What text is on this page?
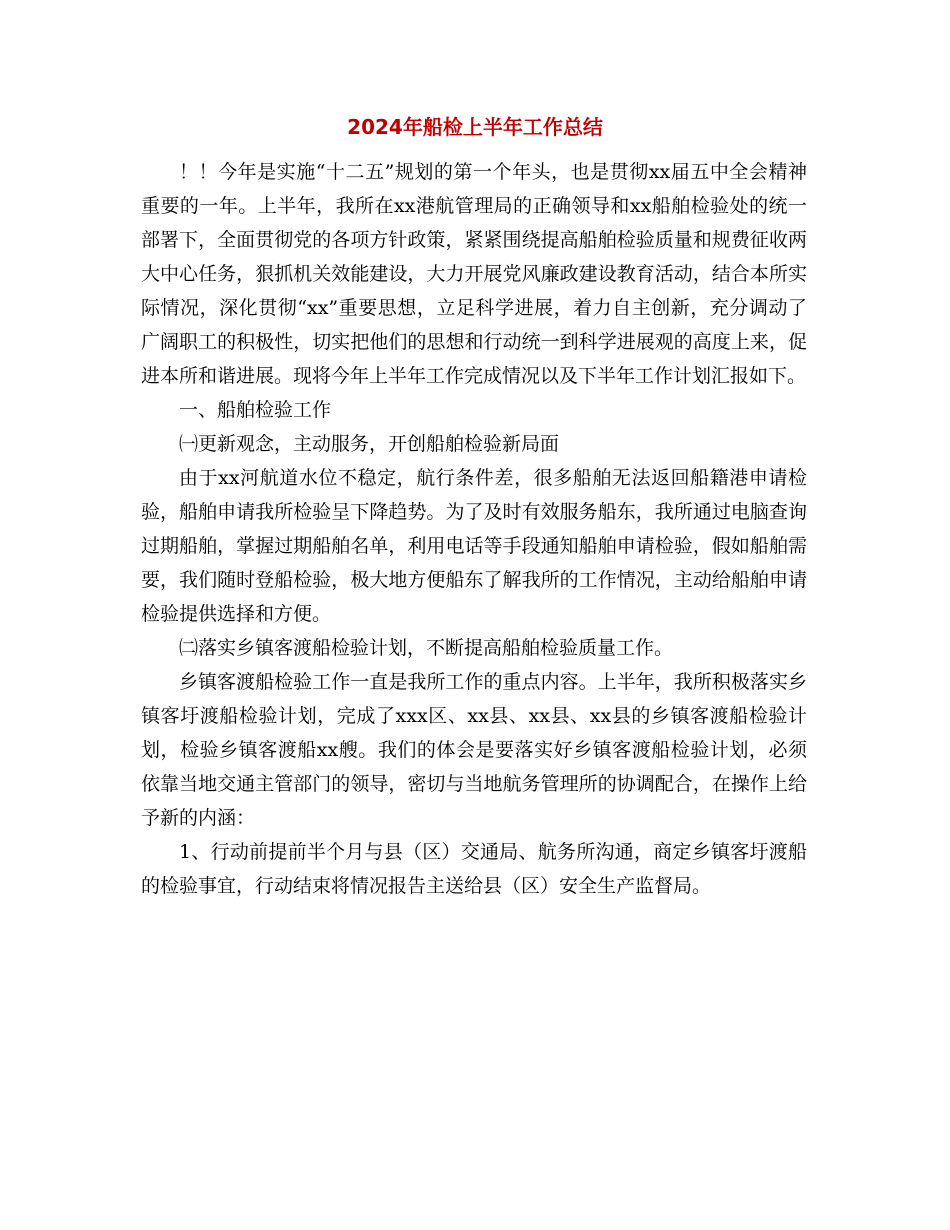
2024年船检上半年工作总结

！！今年是实施“十二五”规划的第一个年头，也是贯彻xx届五中全会精神重要的一年。上半年，我所在xx港航管理局的正确领导和xx船舶检验处的统一部署下，全面贯彻党的各项方针政策，紧紧围绕提高船舶检验质量和规费征收两大中心任务，狠抓机关效能建设，大力开展党风廉政建设教育活动，结合本所实际情况，深化贯彻“xx”重要思想，立足科学进展，着力自主创新，充分调动了广阔职工的积极性，切实把他们的思想和行动统一到科学进展观的高度上来，促进本所和谐进展。现将今年上半年工作完成情况以及下半年工作计划汇报如下。

一、船舶检验工作

㈠更新观念，主动服务，开创船舶检验新局面

由于xx河航道水位不稳定，航行条件差，很多船舶无法返回船籍港申请检验，船舶申请我所检验呈下降趋势。为了及时有效服务船东，我所通过电脑查询过期船舶，掌握过期船舶名单，利用电话等手段通知船舶申请检验，假如船舶需要，我们随时登船检验，极大地方便船东了解我所的工作情况，主动给船舶申请检验提供选择和方便。

㈡落实乡镇客渡船检验计划，不断提高船舶检验质量工作。

乡镇客渡船检验工作一直是我所工作的重点内容。上半年，我所积极落实乡镇客圩渡船检验计划，完成了xxx区、xx县、xx县、xx县的乡镇客渡船检验计划，检验乡镇客渡船xx艘。我们的体会是要落实好乡镇客渡船检验计划，必须依靠当地交通主管部门的领导，密切与当地航务管理所的协调配合，在操作上给予新的内涵：

1、行动前提前半个月与县（区）交通局、航务所沟通，商定乡镇客圩渡船的检验事宜，行动结束将情况报告主送给县（区）安全生产监督局。
